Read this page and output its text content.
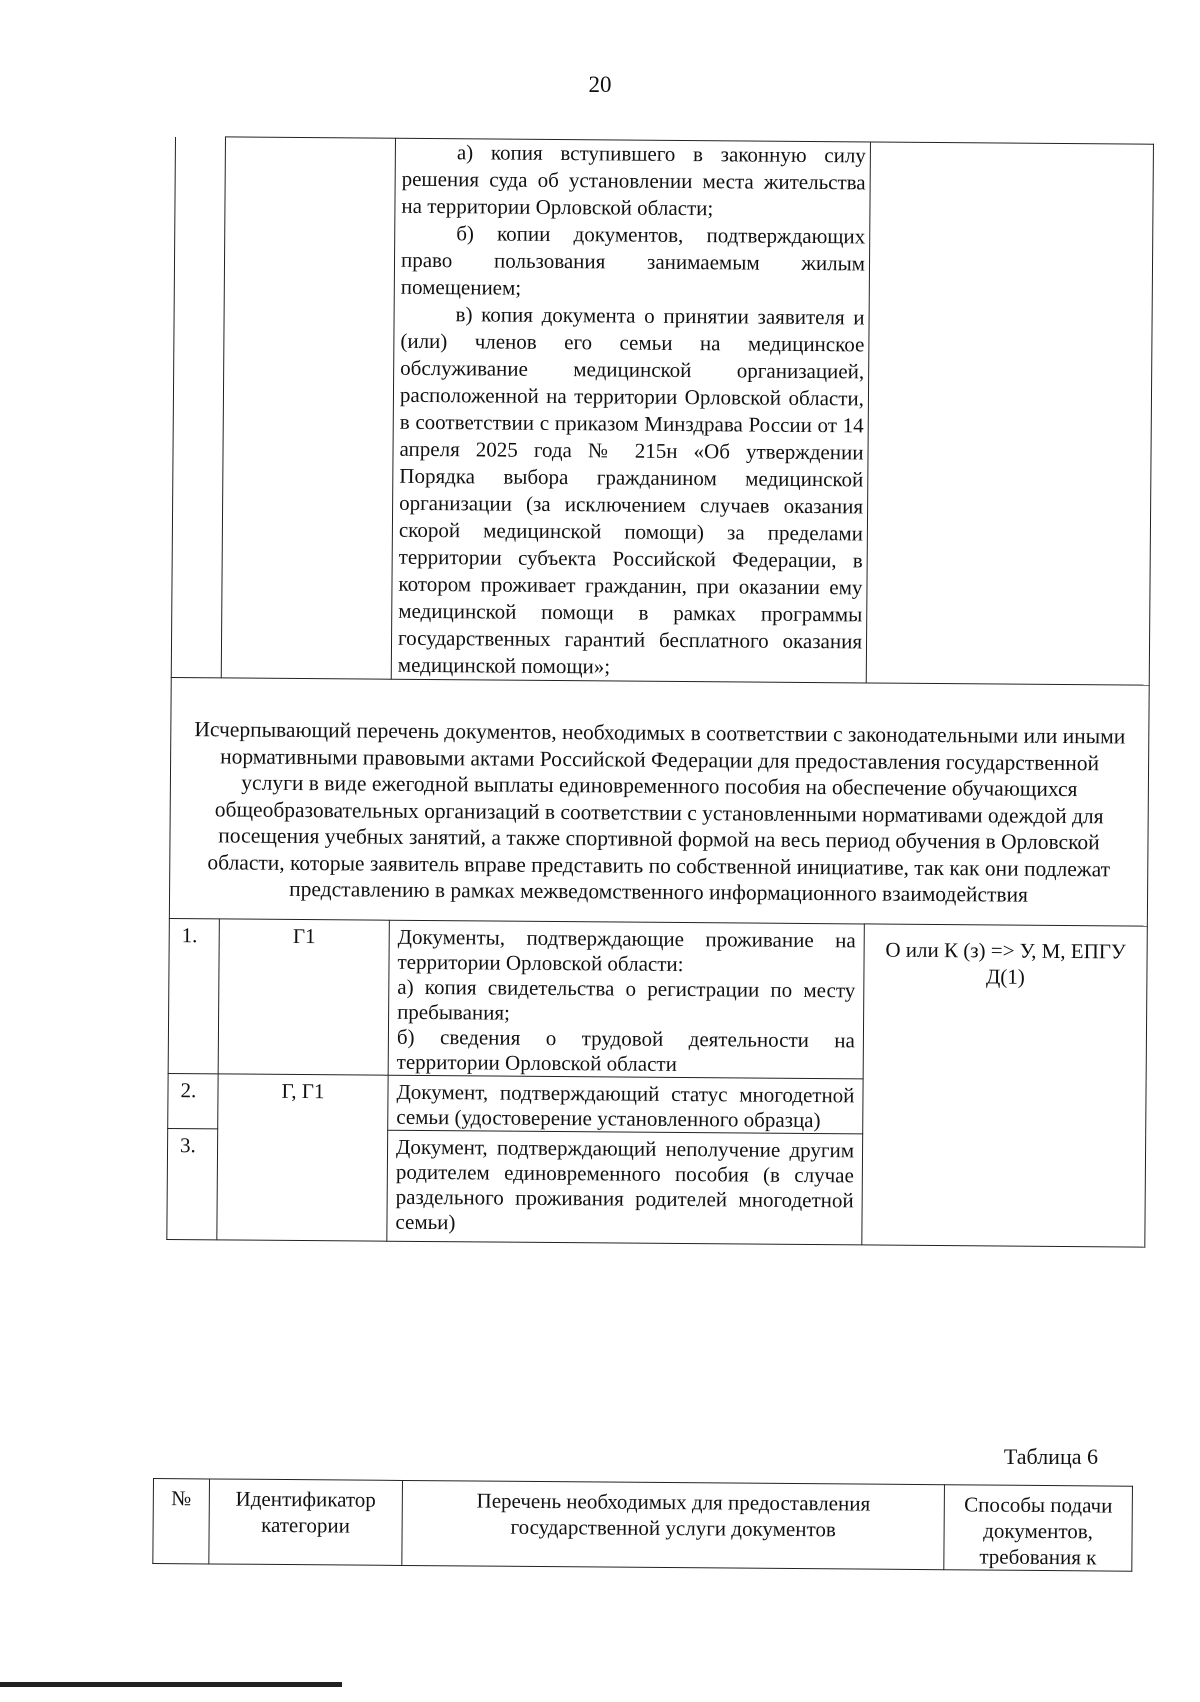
20

		а) копия вступившего в законную силу решения суда об установлении места жительства на территории Орловской области;

б) копии документов, подтверждающих право пользования занимаемым жилым помещением;

в) копия документа о принятии заявителя и (или) членов его семьи на медицинское обслуживание медицинской организацией, расположенной на территории Орловской области, в соответствии с приказом Минздрава России от 14 апреля 2025 года № 215н «Об утверждении Порядка выбора гражданином медицинской организации (за исключением случаев оказания скорой медицинской помощи) за пределами территории субъекта Российской Федерации, в котором проживает гражданин, при оказании ему медицинской помощи в рамках программы государственных гарантий бесплатного оказания медицинской помощи»;	

Исчерпывающий перечень документов, необходимых в соответствии с законодательными или иными нормативными правовыми актами Российской Федерации для предоставления государственной услуги в виде ежегодной выплаты единовременного пособия на обеспечение обучающихся общеобразовательных организаций в соответствии с установленными нормативами одеждой для посещения учебных занятий, а также спортивной формой на весь период обучения в Орловской области, которые заявитель вправе представить по собственной инициативе, так как они подлежат представлению в рамках межведомственного информационного взаимодействия			

1.	Г1	Документы, подтверждающие проживание на территории Орловской области:

а) копия свидетельства о регистрации по месту пребывания;

б) сведения о трудовой деятельности на территории Орловской области	О или К (з) => У, М, ЕПГУ Д(1)
2.	Г, Г1	Документ, подтверждающий статус многодетной семьи (удостоверение установленного образца)	
3.		Документ, подтверждающий неполучение другим родителем единовременного пособия (в случае раздельного проживания родителей многодетной семьи)	
Таблица 6
№	Идентификатор категории	Перечень необходимых для предоставления государственной услуги документов	Способы подачи документов, требования к
